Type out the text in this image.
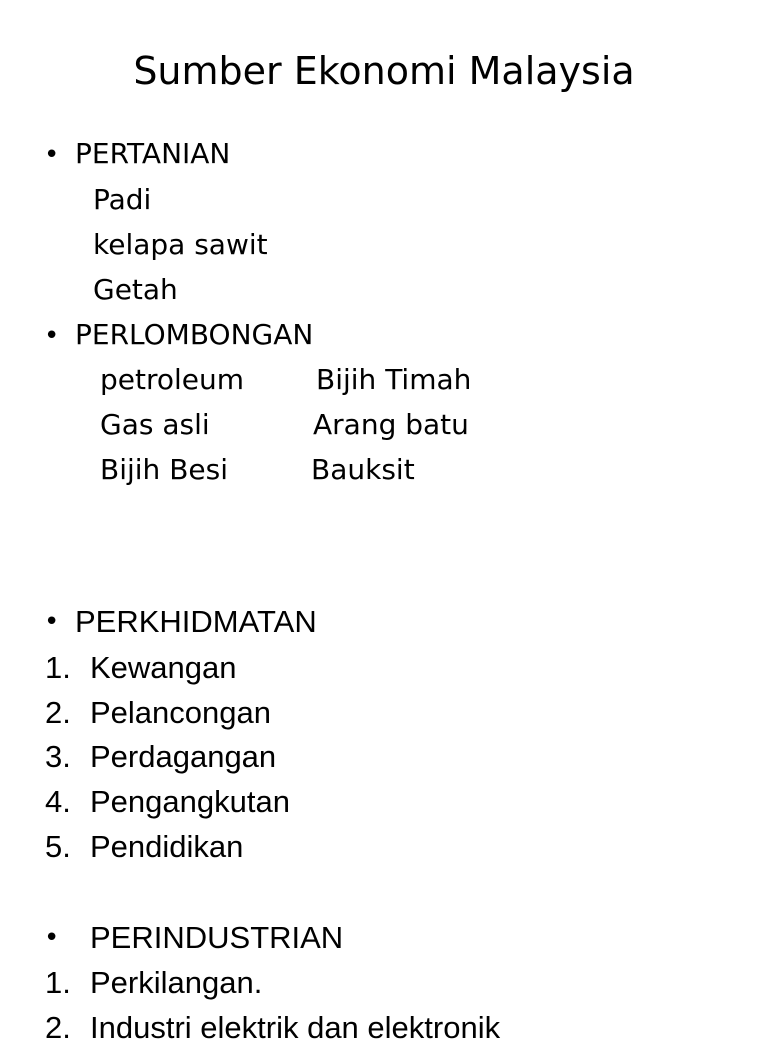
Sumber Ekonomi Malaysia
• PERTANIAN
Padi
kelapa sawit
Getah
• PERLOMBONGAN
petroleum	Bijih Timah
Gas asli	Arang batu
Bijih Besi	Bauksit
• PERKHIDMATAN
1. Kewangan
2. Pelancongan
3. Perdagangan
4. Pengangkutan
5. Pendidikan
• PERINDUSTRIAN
1. Perkilangan.
2. Industri elektrik dan elektronik
